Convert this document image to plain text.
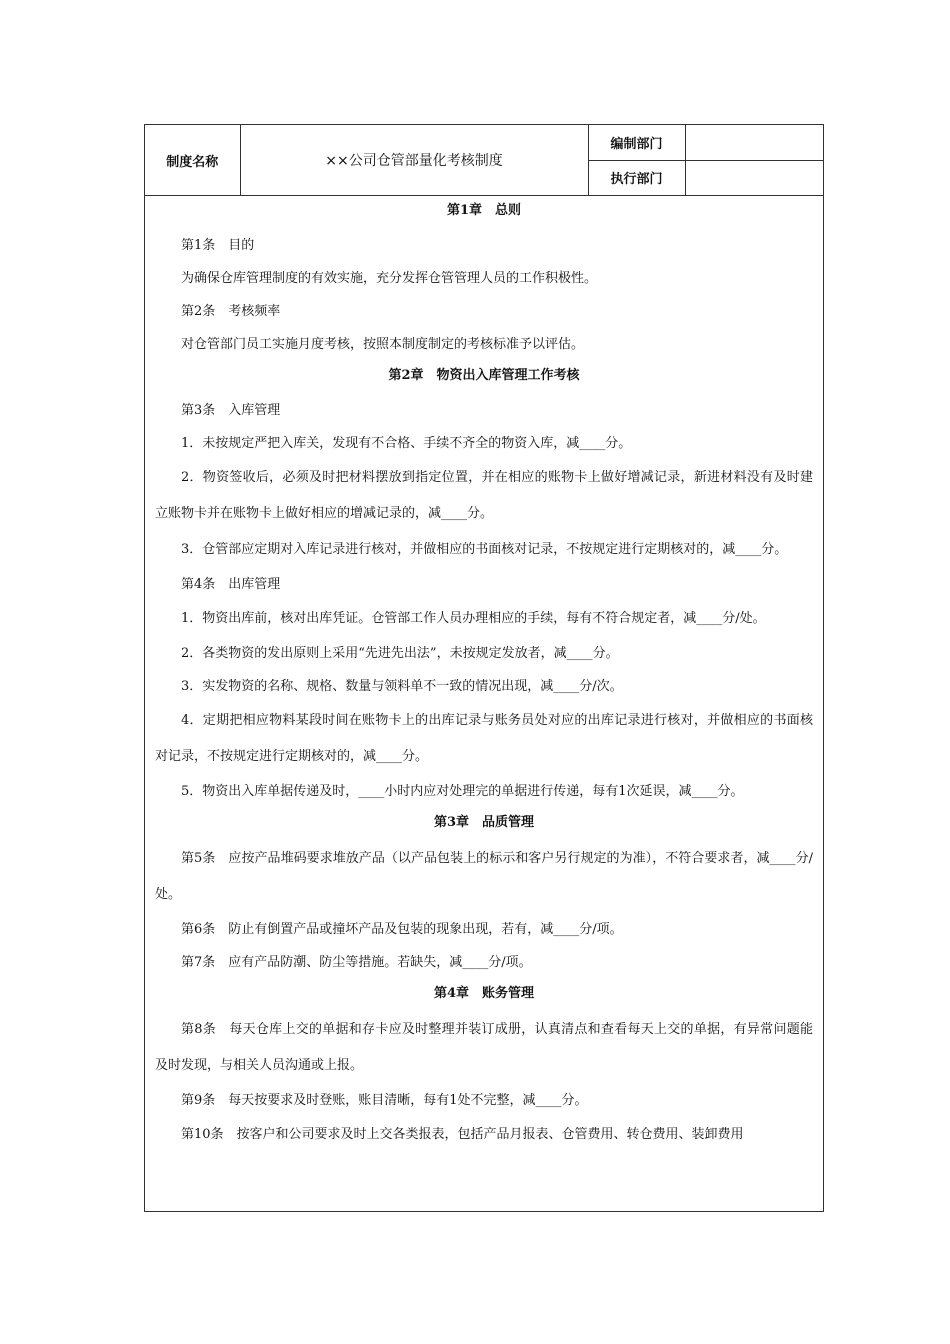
制度名称	××公司仓管部量化考核制度	编制部门	
		执行部门	
第1章　总则
第1条　目的
为确保仓库管理制度的有效实施，充分发挥仓管管理人员的工作积极性。
第2条　考核频率
对仓管部门员工实施月度考核，按照本制度制定的考核标准予以评估。
第2章　物资出入库管理工作考核
第3条　入库管理
1．未按规定严把入库关，发现有不合格、手续不齐全的物资入库，减____分。
2．物资签收后，必须及时把材料摆放到指定位置，并在相应的账物卡上做好增减记录，新进材料没有及时建立账物卡并在账物卡上做好相应的增减记录的，减____分。
3．仓管部应定期对入库记录进行核对，并做相应的书面核对记录，不按规定进行定期核对的，减____分。
第4条　出库管理
1．物资出库前，核对出库凭证。仓管部工作人员办理相应的手续，每有不符合规定者，减____分/处。
2．各类物资的发出原则上采用“先进先出法”，未按规定发放者，减____分。
3．实发物资的名称、规格、数量与领料单不一致的情况出现，减____分/次。
4．定期把相应物料某段时间在账物卡上的出库记录与账务员处对应的出库记录进行核对，并做相应的书面核对记录，不按规定进行定期核对的，减____分。
5．物资出入库单据传递及时，____小时内应对处理完的单据进行传递，每有1次延误，减____分。
第3章　品质管理
第5条　应按产品堆码要求堆放产品（以产品包装上的标示和客户另行规定的为准），不符合要求者，减____分/处。
第6条　防止有倒置产品或撞坏产品及包装的现象出现，若有，减____分/项。
第7条　应有产品防潮、防尘等措施。若缺失，减____分/项。
第4章　账务管理
第8条　每天仓库上交的单据和存卡应及时整理并装订成册，认真清点和查看每天上交的单据，有异常问题能及时发现，与相关人员沟通或上报。
第9条　每天按要求及时登账，账目清晰，每有1处不完整，减____分。
第10条　按客户和公司要求及时上交各类报表，包括产品月报表、仓管费用、转仓费用、装卸费用
